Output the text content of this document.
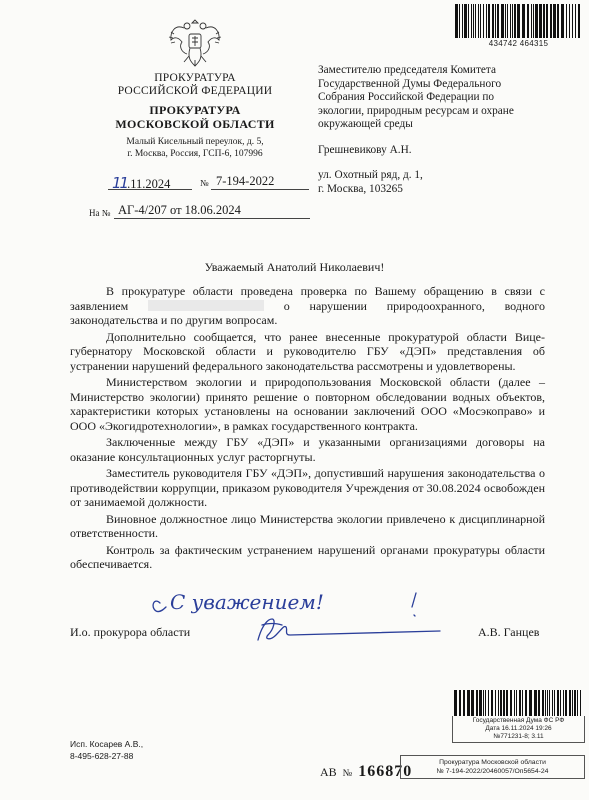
434742 464315
ПРОКУРАТУРА
РОССИЙСКОЙ ФЕДЕРАЦИИ
ПРОКУРАТУРА
МОСКОВСКОЙ ОБЛАСТИ
Малый Кисельный переулок, д. 5,
г. Москва, Россия, ГСП-6, 107996
11.11.2024	№ 7-194-2022
На № АГ-4/207 от 18.06.2024
Заместителю председателя Комитета
Государственной Думы Федерального
Собрания Российской Федерации по
экологии, природным ресурсам и охране
окружающей среды
Грешневикову А.Н.
ул. Охотный ряд, д. 1,
г. Москва, 103265
Уважаемый Анатолий Николаевич!

В прокуратуре области проведена проверка по Вашему обращению в связи с заявлением	о нарушении природоохранного, водного законодательства и по другим вопросам.

Дополнительно сообщается, что ранее внесенные прокуратурой области Вице-губернатору Московской области и руководителю ГБУ «ДЭП» представления об устранении нарушений федерального законодательства рассмотрены и удовлетворены.

Министерством экологии и природопользования Московской области (далее – Министерство экологии) принято решение о повторном обследовании водных объектов, характеристики которых установлены на основании заключений ООО «Мосэкоправо» и ООО «Экогидротехнологии», в рамках государственного контракта.

Заключенные между ГБУ «ДЭП» и указанными организациями договоры на оказание консультационных услуг расторгнуты.

Заместитель руководителя ГБУ «ДЭП», допустивший нарушения законодательства о противодействии коррупции, приказом руководителя Учреждения от 30.08.2024 освобожден от занимаемой должности.

Виновное должностное лицо Министерства экологии привлечено к дисциплинарной ответственности.

Контроль за фактическим устранением нарушений органами прокуратуры области обеспечивается.

С уважением!
И.о. прокурора области	А.В. Ганцев
Государственная Дума ФС РФ
Дата 16.11.2024 19:26
№771231-8; 3.11
Исп. Косарев А.В.,
8-495-628-27-88
АВ № 166870
Прокуратура Московской области
№ 7-194-2022/20460057/Оп5654-24
